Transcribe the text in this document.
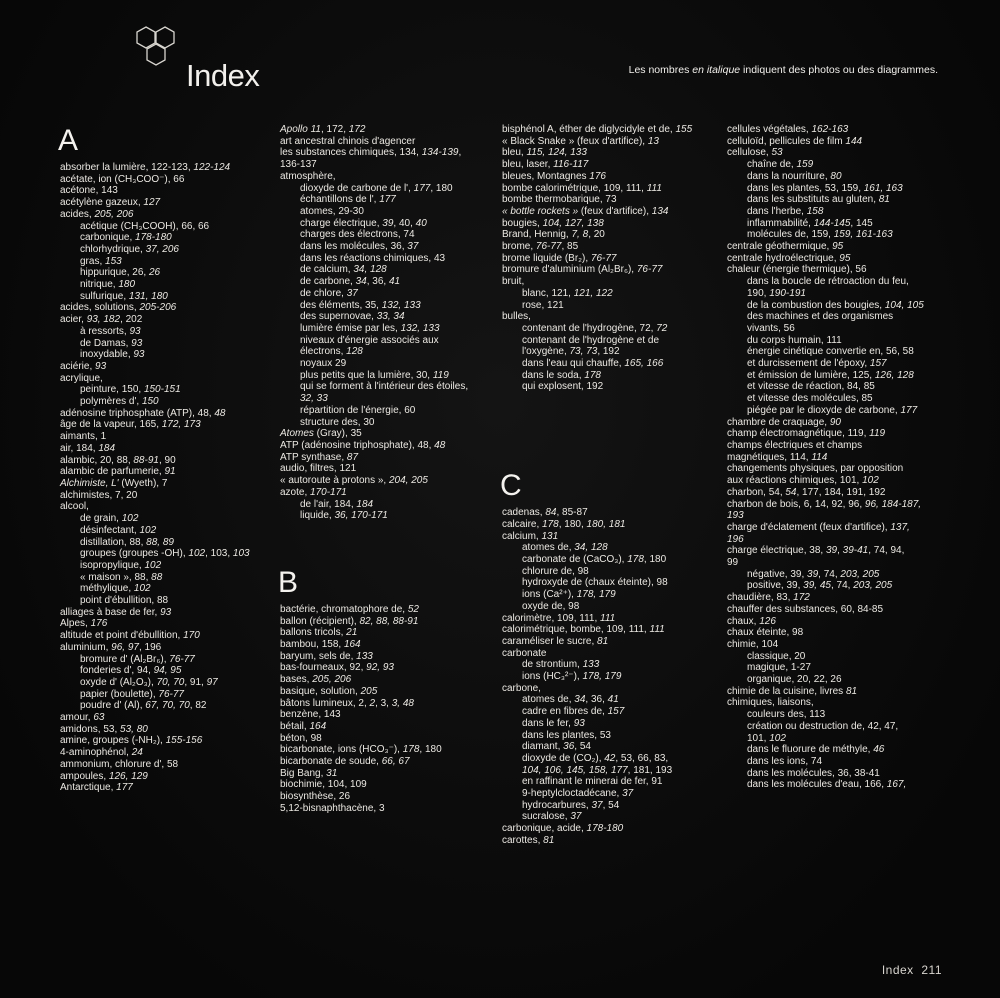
Index	Les nombres en italique indiquent des photos ou des diagrammes.
A
absorber la lumière, 122-123, 122-124
acétate, ion (CH₃COO⁻), 66
acétone, 143
acétylène gazeux, 127
acides, 205, 206
acétique (CH₃COOH), 66, 66
carbonique, 178-180
chlorhydrique, 37, 206
gras, 153
hippurique, 26, 26
nitrique, 180
sulfurique, 131, 180
acides, solutions, 205-206
acier, 93, 182, 202
à ressorts, 93
de Damas, 93
inoxydable, 93
aciérie, 93
acrylique,
peinture, 150, 150-151
polymères d', 150
adénosine triphosphate (ATP), 48, 48
âge de la vapeur, 165, 172, 173
aimants, 1
air, 184, 184
alambic, 20, 88, 88-91, 90
alambic de parfumerie, 91
Alchimiste, L' (Wyeth), 7
alchimistes, 7, 20
alcool,
de grain, 102
désinfectant, 102
distillation, 88, 88, 89
groupes (groupes -OH), 102, 103, 103
isopropylique, 102
« maison », 88, 88
méthylique, 102
point d'ébullition, 88
alliages à base de fer, 93
Alpes, 176
altitude et point d'ébullition, 170
aluminium, 96, 97, 196
bromure d' (Al₂Br₆), 76-77
fonderies d', 94, 94, 95
oxyde d' (Al₂O₃), 70, 70, 91, 97
papier (boulette), 76-77
poudre d' (Al), 67, 70, 70, 82
amour, 63
amidons, 53, 53, 80
amine, groupes (-NH₂), 155-156
4-aminophénol, 24
ammonium, chlorure d', 58
ampoules, 126, 129
Antarctique, 177
Apollo 11, 172, 172
art ancestral chinois d'agencer
les substances chimiques, 134, 134-139,
136-137
atmosphère,
dioxyde de carbone de l', 177, 180
échantillons de l', 177
atomes, 29-30
charge électrique, 39, 40, 40
charges des électrons, 74
dans les molécules, 36, 37
dans les réactions chimiques, 43
de calcium, 34, 128
de carbone, 34, 36, 41
de chlore, 37
des éléments, 35, 132, 133
des supernovae, 33, 34
lumière émise par les, 132, 133
niveaux d'énergie associés aux
électrons, 128
noyaux 29
plus petits que la lumière, 30, 119
qui se forment à l'intérieur des étoiles,
32, 33
répartition de l'énergie, 60
structure des, 30
Atomes (Gray), 35
ATP (adénosine triphosphate), 48, 48
ATP synthase, 87
audio, filtres, 121
« autoroute à protons », 204, 205
azote, 170-171
de l'air, 184, 184
liquide, 36, 170-171
B
bactérie, chromatophore de, 52
ballon (récipient), 82, 88, 88-91
ballons tricols, 21
bambou, 158, 164
baryum, sels de, 133
bas-fourneaux, 92, 92, 93
bases, 205, 206
basique, solution, 205
bâtons lumineux, 2, 2, 3, 3, 48
benzène, 143
bétail, 164
béton, 98
bicarbonate, ions (HCO₃⁻), 178, 180
bicarbonate de soude, 66, 67
Big Bang, 31
biochimie, 104, 109
biosynthèse, 26
5,12-bisnaphthacène, 3
bisphénol A, éther de diglycidyle et de, 155
« Black Snake » (feux d'artifice), 13
bleu, 115, 124, 133
bleu, laser, 116-117
bleues, Montagnes 176
bombe calorimétrique, 109, 111, 111
bombe thermobarique, 73
« bottle rockets » (feux d'artifice), 134
bougies, 104, 127, 138
Brand, Hennig, 7, 8, 20
brome, 76-77, 85
brome liquide (Br₂), 76-77
bromure d'aluminium (Al₂Br₆), 76-77
bruit,
blanc, 121, 121, 122
rose, 121
bulles,
contenant de l'hydrogène, 72, 72
contenant de l'hydrogène et de
l'oxygène, 73, 73, 192
dans l'eau qui chauffe, 165, 166
dans le soda, 178
qui explosent, 192
C
cadenas, 84, 85-87
calcaire, 178, 180, 180, 181
calcium, 131
atomes de, 34, 128
carbonate de (CaCO₃), 178, 180
chlorure de, 98
hydroxyde de (chaux éteinte), 98
ions (Ca²⁺), 178, 179
oxyde de, 98
calorimètre, 109, 111, 111
calorimétrique, bombe, 109, 111, 111
caraméliser le sucre, 81
carbonate
de strontium, 133
ions (HC₃²⁻), 178, 179
carbone,
atomes de, 34, 36, 41
cadre en fibres de, 157
dans le fer, 93
dans les plantes, 53
diamant, 36, 54
dioxyde de (CO₂), 42, 53, 66, 83,
104, 106, 145, 158, 177, 181, 193
en raffinant le minerai de fer, 91
9-heptylcloctadécane, 37
hydrocarbures, 37, 54
sucralose, 37
carbonique, acide, 178-180
carottes, 81
cellules végétales, 162-163
celluloïd, pellicules de film 144
cellulose, 53
chaîne de, 159
dans la nourriture, 80
dans les plantes, 53, 159, 161, 163
dans les substituts au gluten, 81
dans l'herbe, 158
inflammabilité, 144-145, 145
molécules de, 159, 159, 161-163
centrale géothermique, 95
centrale hydroélectrique, 95
chaleur (énergie thermique), 56
dans la boucle de rétroaction du feu,
190, 190-191
de la combustion des bougies, 104, 105
des machines et des organismes
vivants, 56
du corps humain, 111
énergie cinétique convertie en, 56, 58
et durcissement de l'époxy, 157
et émission de lumière, 125, 126, 128
et vitesse de réaction, 84, 85
et vitesse des molécules, 85
piégée par le dioxyde de carbone, 177
chambre de craquage, 90
champ électromagnétique, 119, 119
champs électriques et champs
magnétiques, 114, 114
changements physiques, par opposition
aux réactions chimiques, 101, 102
charbon, 54, 54, 177, 184, 191, 192
charbon de bois, 6, 14, 92, 96, 96, 184-187,
193
charge d'éclatement (feux d'artifice), 137,
196
charge électrique, 38, 39, 39-41, 74, 94,
99
négative, 39, 39, 74, 203, 205
positive, 39, 39, 45, 74, 203, 205
chaudière, 83, 172
chauffer des substances, 60, 84-85
chaux, 126
chaux éteinte, 98
chimie, 104
classique, 20
magique, 1-27
organique, 20, 22, 26
chimie de la cuisine, livres 81
chimiques, liaisons,
couleurs des, 113
création ou destruction de, 42, 47,
101, 102
dans le fluorure de méthyle, 46
dans les ions, 74
dans les molécules, 36, 38-41
dans les molécules d'eau, 166, 167,
Index 211
